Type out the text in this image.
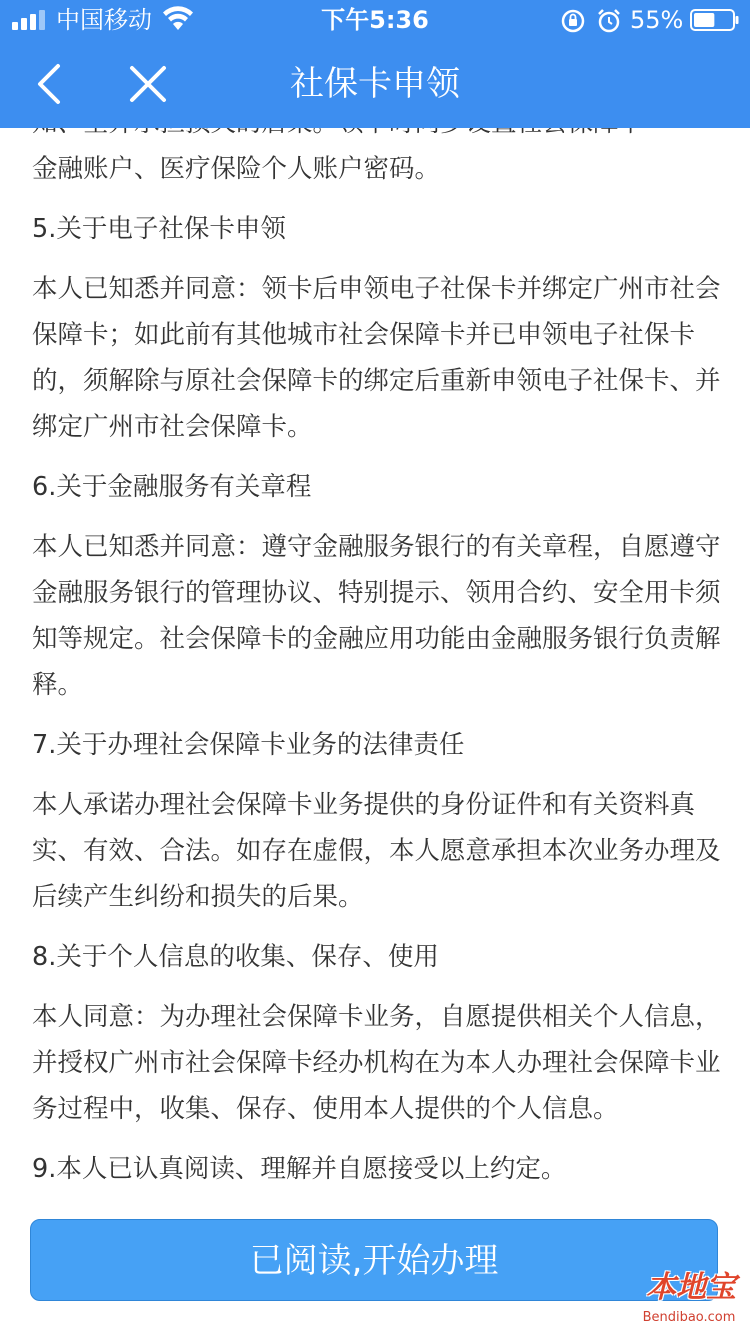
中国移动	下午5:36	55%
社保卡申领

金融账户、医疗保险个人账户密码。

5.关于电子社保卡申领

本人已知悉并同意：领卡后申领电子社保卡并绑定广州市社会保障卡；如此前有其他城市社会保障卡并已申领电子社保卡的，须解除与原社会保障卡的绑定后重新申领电子社保卡、并绑定广州市社会保障卡。

6.关于金融服务有关章程

本人已知悉并同意：遵守金融服务银行的有关章程，自愿遵守金融服务银行的管理协议、特别提示、领用合约、安全用卡须知等规定。社会保障卡的金融应用功能由金融服务银行负责解释。

7.关于办理社会保障卡业务的法律责任

本人承诺办理社会保障卡业务提供的身份证件和有关资料真实、有效、合法。如存在虚假，本人愿意承担本次业务办理及后续产生纠纷和损失的后果。

8.关于个人信息的收集、保存、使用

本人同意：为办理社会保障卡业务，自愿提供相关个人信息，并授权广州市社会保障卡经办机构在为本人办理社会保障卡业务过程中，收集、保存、使用本人提供的个人信息。

9.本人已认真阅读、理解并自愿接受以上约定。

已阅读,开始办理
本地宝
Bendibao.com
